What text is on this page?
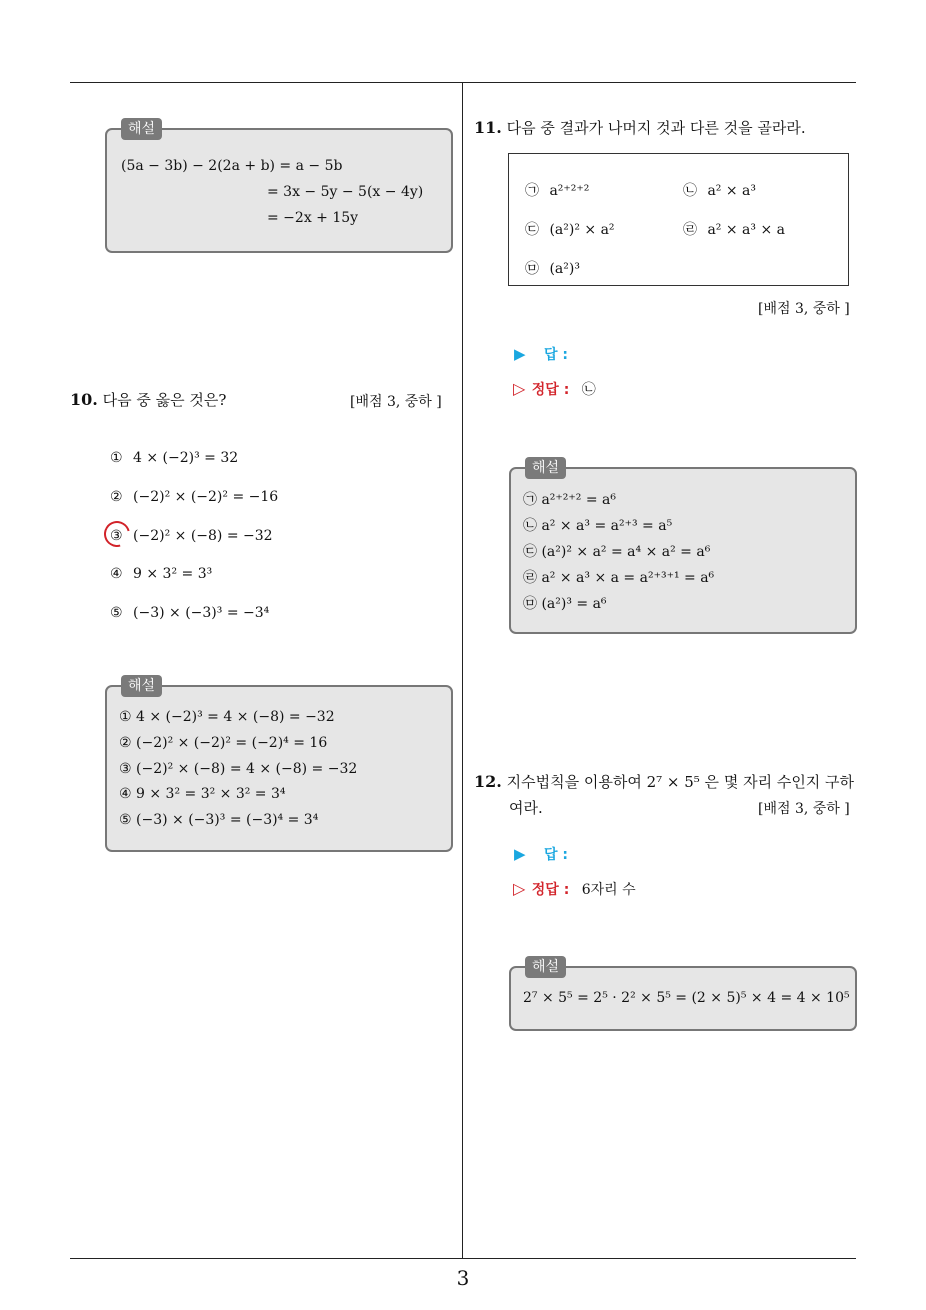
해설
(5a − 3b) − 2(2a + b) = a − 5b
= 3x − 5y − 5(x − 4y)
= −2x + 15y
10. 다음 중 옳은 것은?	[배점 3, 중하 ]
① 4 × (−2)³ = 32
② (−2)² × (−2)² = −16
③ (−2)² × (−8) = −32
④ 9 × 3² = 3³
⑤ (−3) × (−3)³ = −3⁴
해설
① 4 × (−2)³ = 4 × (−8) = −32
② (−2)² × (−2)² = (−2)⁴ = 16
③ (−2)² × (−8) = 4 × (−8) = −32
④ 9 × 3² = 3² × 3² = 3⁴
⑤ (−3) × (−3)³ = (−3)⁴ = 3⁴
11. 다음 중 결과가 나머지 것과 다른 것을 골라라.
㉠ a²⁺²⁺²	㉡ a² × a³
㉢ (a²)² × a²	㉣ a² × a³ × a
㉤ (a²)³
[배점 3, 중하 ]
▶ 답 :
▷ 정답 : ㉡
해설
㉠ a²⁺²⁺² = a⁶
㉡ a² × a³ = a²⁺³ = a⁵
㉢ (a²)² × a² = a⁴ × a² = a⁶
㉣ a² × a³ × a = a²⁺³⁺¹ = a⁶
㉤ (a²)³ = a⁶
12. 지수법칙을 이용하여 2⁷ × 5⁵ 은 몇 자리 수인지 구하
여라.	[배점 3, 중하 ]
▶ 답 :
▷ 정답 : 6자리 수
해설
2⁷ × 5⁵ = 2⁵ · 2² × 5⁵ = (2 × 5)⁵ × 4 = 4 × 10⁵
3
